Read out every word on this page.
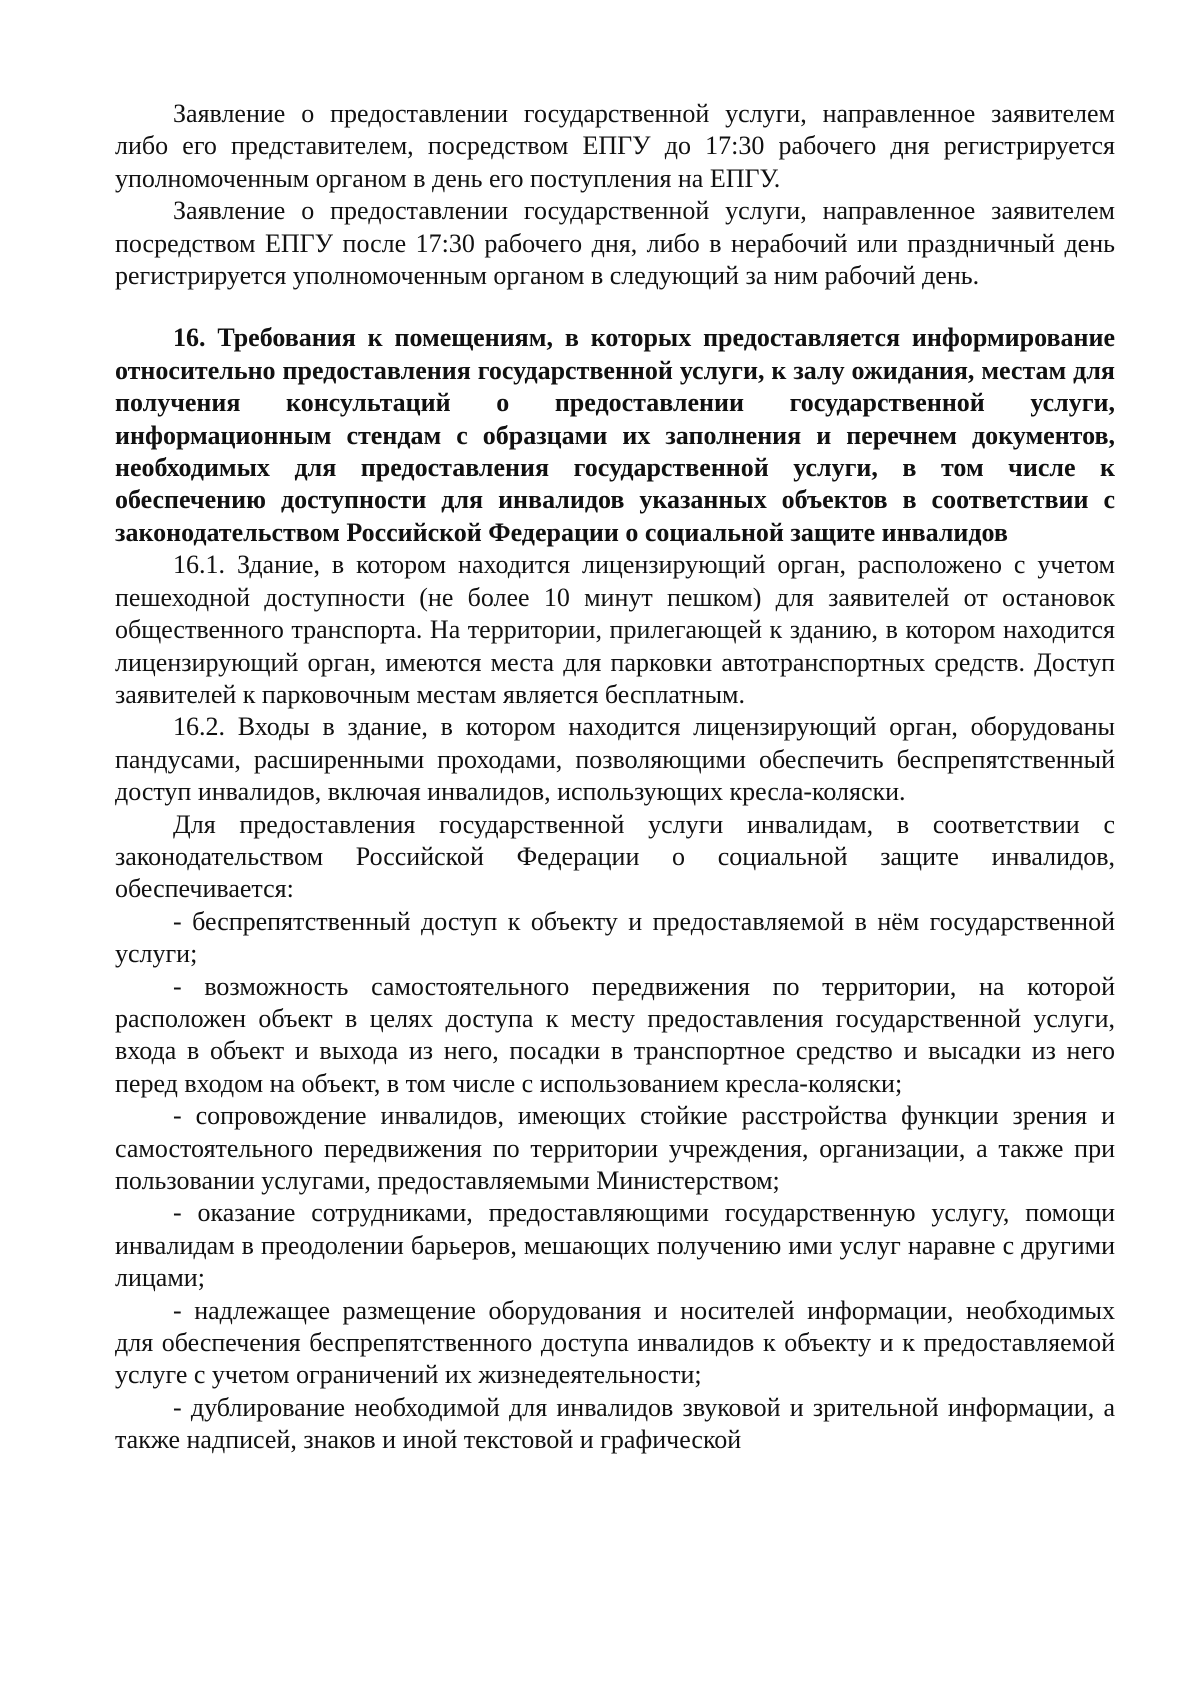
Заявление о предоставлении государственной услуги, направленное заявителем либо его представителем, посредством ЕПГУ до 17:30 рабочего дня регистрируется уполномоченным органом в день его поступления на ЕПГУ.

Заявление о предоставлении государственной услуги, направленное заявителем посредством ЕПГУ после 17:30 рабочего дня, либо в нерабочий или праздничный день регистрируется уполномоченным органом в следующий за ним рабочий день.

16. Требования к помещениям, в которых предоставляется информирование относительно предоставления государственной услуги, к залу ожидания, местам для получения консультаций о предоставлении государственной услуги, информационным стендам с образцами их заполнения и перечнем документов, необходимых для предоставления государственной услуги, в том числе к обеспечению доступности для инвалидов указанных объектов в соответствии с законодательством Российской Федерации о социальной защите инвалидов

16.1. Здание, в котором находится лицензирующий орган, расположено с учетом пешеходной доступности (не более 10 минут пешком) для заявителей от остановок общественного транспорта. На территории, прилегающей к зданию, в котором находится лицензирующий орган, имеются места для парковки автотранспортных средств. Доступ заявителей к парковочным местам является бесплатным.

16.2. Входы в здание, в котором находится лицензирующий орган, оборудованы пандусами, расширенными проходами, позволяющими обеспечить беспрепятственный доступ инвалидов, включая инвалидов, использующих кресла-коляски.

Для предоставления государственной услуги инвалидам, в соответствии с законодательством Российской Федерации о социальной защите инвалидов, обеспечивается:

- беспрепятственный доступ к объекту и предоставляемой в нём государственной услуги;

- возможность самостоятельного передвижения по территории, на которой расположен объект в целях доступа к месту предоставления государственной услуги, входа в объект и выхода из него, посадки в транспортное средство и высадки из него перед входом на объект, в том числе с использованием кресла-коляски;

- сопровождение инвалидов, имеющих стойкие расстройства функции зрения и самостоятельного передвижения по территории учреждения, организации, а также при пользовании услугами, предоставляемыми Министерством;

- оказание сотрудниками, предоставляющими государственную услугу, помощи инвалидам в преодолении барьеров, мешающих получению ими услуг наравне с другими лицами;

- надлежащее размещение оборудования и носителей информации, необходимых для обеспечения беспрепятственного доступа инвалидов к объекту и к предоставляемой услуге с учетом ограничений их жизнедеятельности;

- дублирование необходимой для инвалидов звуковой и зрительной информации, а также надписей, знаков и иной текстовой и графической
